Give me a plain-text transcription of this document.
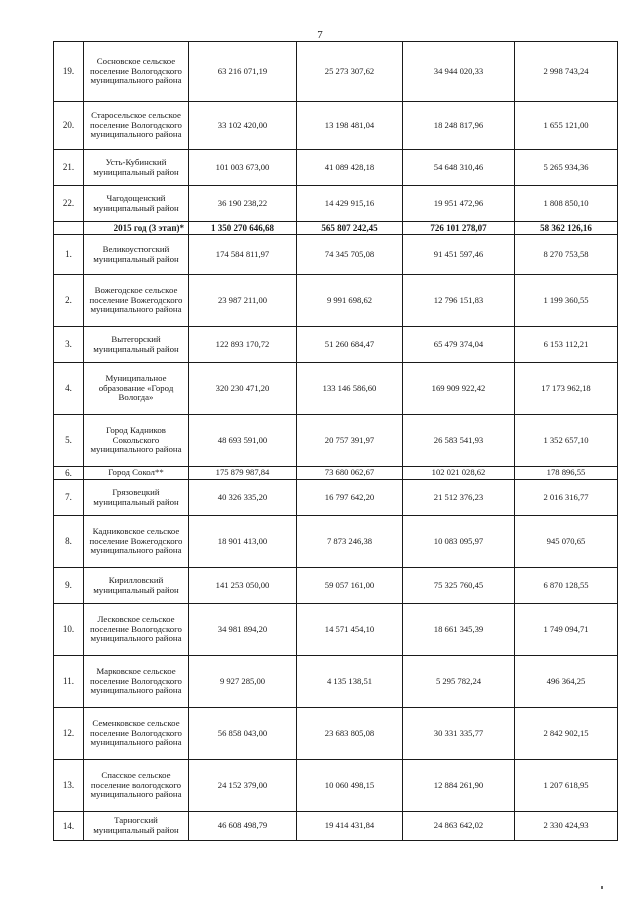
7
19.	Сосновское сельское поселение Вологодского муниципального района	63 216 071,19	25 273 307,62	34 944 020,33	2 998 743,24
20.	Старосельское сельское поселение Вологодского муниципального района	33 102 420,00	13 198 481,04	18 248 817,96	1 655 121,00
21.	Усть-Кубинский муниципальный район	101 003 673,00	41 089 428,18	54 648 310,46	5 265 934,36
22.	Чагодощенский муниципальный район	36 190 238,22	14 429 915,16	19 951 472,96	1 808 850,10
	2015 год (3 этап)*	1 350 270 646,68	565 807 242,45	726 101 278,07	58 362 126,16
1.	Великоустюгский муниципальный район	174 584 811,97	74 345 705,08	91 451 597,46	8 270 753,58
2.	Вожегодское сельское поселение Вожегодского муниципального района	23 987 211,00	9 991 698,62	12 796 151,83	1 199 360,55
3.	Вытегорский муниципальный район	122 893 170,72	51 260 684,47	65 479 374,04	6 153 112,21
4.	Муниципальное образование «Город Вологда»	320 230 471,20	133 146 586,60	169 909 922,42	17 173 962,18
5.	Город Кадников Сокольского муниципального района	48 693 591,00	20 757 391,97	26 583 541,93	1 352 657,10
6.	Город Сокол**	175 879 987,84	73 680 062,67	102 021 028,62	178 896,55
7.	Грязовецкий муниципальный район	40 326 335,20	16 797 642,20	21 512 376,23	2 016 316,77
8.	Кадниковское сельское поселение Вожегодского муниципального района	18 901 413,00	7 873 246,38	10 083 095,97	945 070,65
9.	Кирилловский муниципальный район	141 253 050,00	59 057 161,00	75 325 760,45	6 870 128,55
10.	Лесковское сельское поселение Вологодского муниципального района	34 981 894,20	14 571 454,10	18 661 345,39	1 749 094,71
11.	Марковское сельское поселение Вологодского муниципального района	9 927 285,00	4 135 138,51	5 295 782,24	496 364,25
12.	Семенковское сельское поселение Вологодского муниципального района	56 858 043,00	23 683 805,08	30 331 335,77	2 842 902,15
13.	Спасское сельское поселение вологодского муниципального района	24 152 379,00	10 060 498,15	12 884 261,90	1 207 618,95
14.	Тарногский муниципальный район	46 608 498,79	19 414 431,84	24 863 642,02	2 330 424,93
